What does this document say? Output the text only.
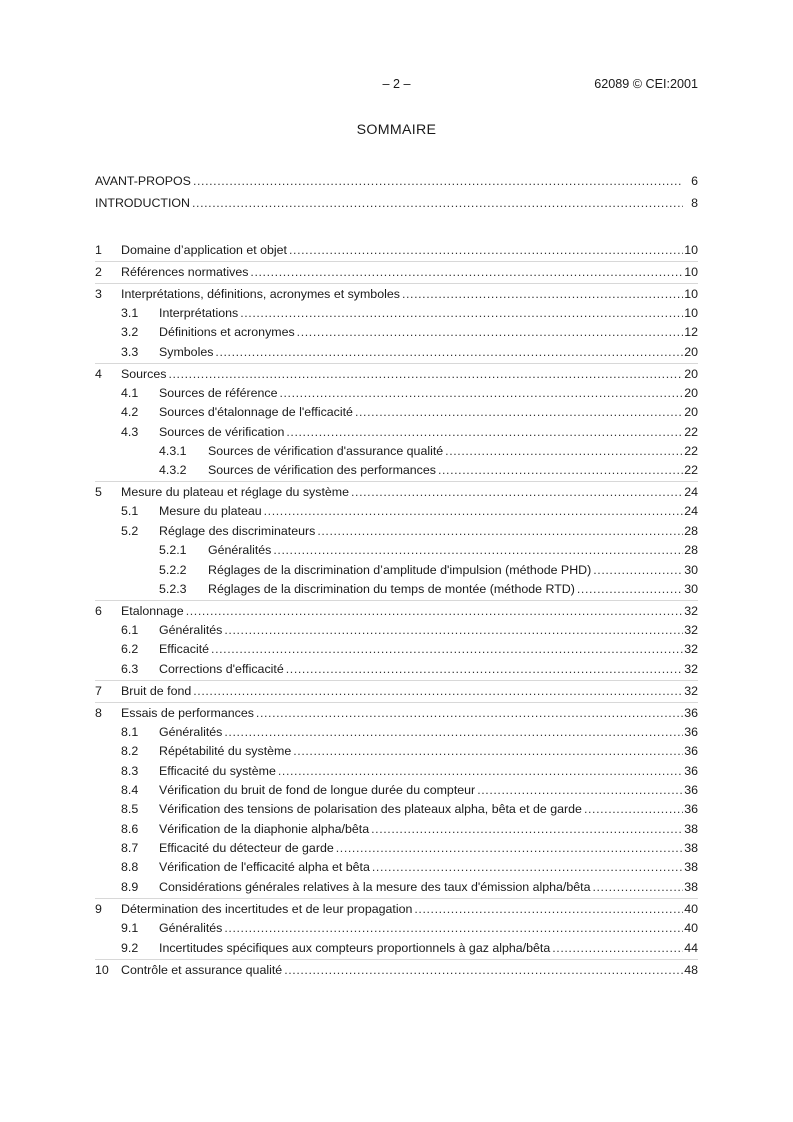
– 2 –	62089 © CEI:2001
SOMMAIRE
AVANT-PROPOS .....	6
INTRODUCTION .....	8
1	Domaine d’application et objet .....	10
2	Références normatives .....	10
3	Interprétations, définitions, acronymes et symboles .....	10
3.1	Interprétations .....	10
3.2	Définitions et acronymes .....	12
3.3	Symboles .....	20
4	Sources .....	20
4.1	Sources de référence .....	20
4.2	Sources d'étalonnage de l'efficacité .....	20
4.3	Sources de vérification .....	22
4.3.1	Sources de vérification d'assurance qualité .....	22
4.3.2	Sources de vérification des performances .....	22
5	Mesure du plateau et réglage du système .....	24
5.1	Mesure du plateau .....	24
5.2	Réglage des discriminateurs .....	28
5.2.1	Généralités .....	28
5.2.2	Réglages de la discrimination d’amplitude d'impulsion (méthode PHD) .....	30
5.2.3	Réglages de la discrimination du temps de montée (méthode RTD) .....	30
6	Etalonnage .....	32
6.1	Généralités .....	32
6.2	Efficacité .....	32
6.3	Corrections d'efficacité .....	32
7	Bruit de fond .....	32
8	Essais de performances .....	36
8.1	Généralités .....	36
8.2	Répétabilité du système .....	36
8.3	Efficacité du système .....	36
8.4	Vérification du bruit de fond de longue durée du compteur .....	36
8.5	Vérification des tensions de polarisation des plateaux alpha, bêta et de garde .....	36
8.6	Vérification de la diaphonie alpha/bêta .....	38
8.7	Efficacité du détecteur de garde .....	38
8.8	Vérification de l'efficacité alpha et bêta .....	38
8.9	Considérations générales relatives à la mesure des taux d'émission alpha/bêta .....	38
9	Détermination des incertitudes et de leur propagation .....	40
9.1	Généralités .....	40
9.2	Incertitudes spécifiques aux compteurs proportionnels à gaz alpha/bêta .....	44
10 Contrôle et assurance qualité .....	48
